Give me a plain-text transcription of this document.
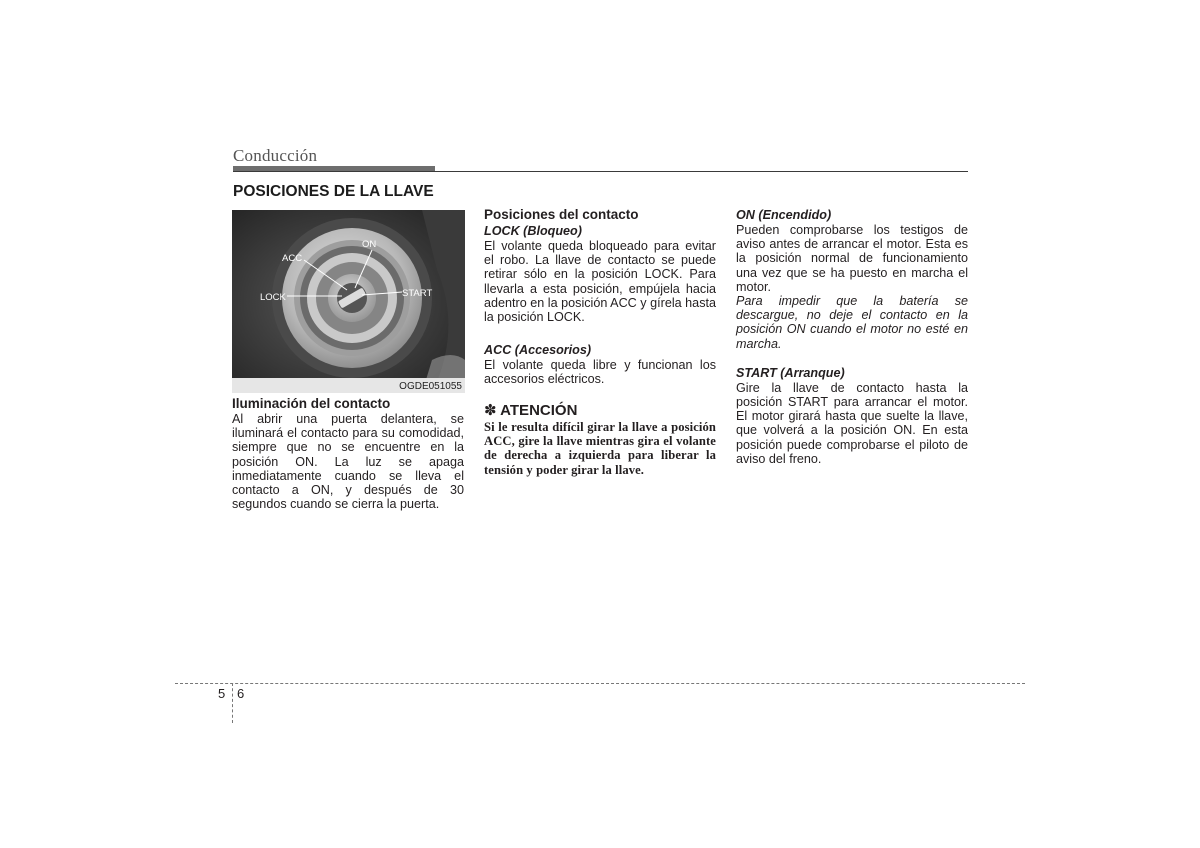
Conducción
POSICIONES DE LA LLAVE
ON
ACC
LOCK	START
OGDE051055

Iluminación del contacto

Al abrir una puerta delantera, se iluminará el contacto para su comodidad, siempre que no se encuentre en la posición ON. La luz se apaga inmediatamente cuando se lleva el contacto a ON, y después de 30 segundos cuando se cierra la puerta.

Posiciones del contacto

LOCK (Bloqueo)

El volante queda bloqueado para evitar el robo. La llave de contacto se puede retirar sólo en la posición LOCK. Para llevarla a esta posición, empújela hacia adentro en la posición ACC y gírela hasta la posición LOCK.

ACC (Accesorios)

El volante queda libre y funcionan los accesorios eléctricos.

✽ ATENCIÓN

Si le resulta difícil girar la llave a posición ACC, gire la llave mientras gira el volante de derecha a izquierda para liberar la tensión y poder girar la llave.

ON (Encendido)

Pueden comprobarse los testigos de aviso antes de arrancar el motor. Esta es la posición normal de funcionamiento una vez que se ha puesto en marcha el motor.

Para impedir que la batería se descargue, no deje el contacto en la posición ON cuando el motor no esté en marcha.

START (Arranque)

Gire la llave de contacto hasta la posición START para arrancar el motor. El motor girará hasta que suelte la llave, que volverá a la posición ON. En esta posición puede comprobarse el piloto de aviso del freno.

5 6
